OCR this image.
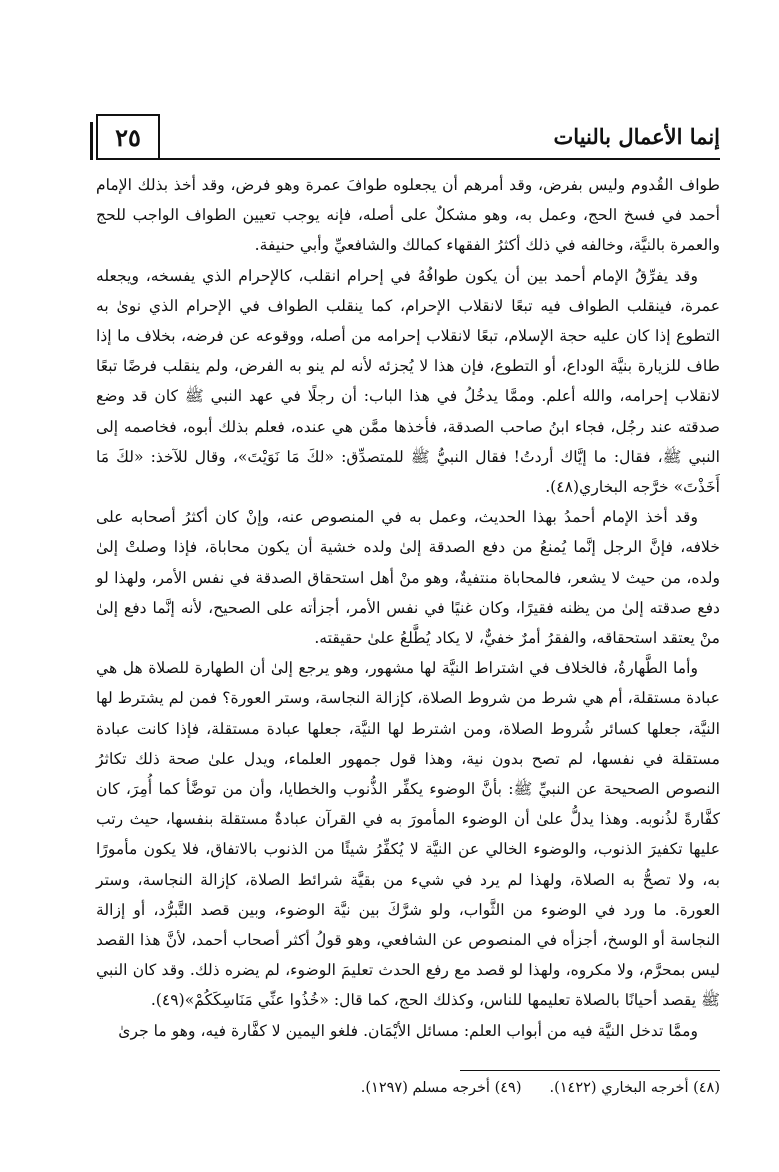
إنما الأعمال بالنيات
٢٥

طواف القُدوم وليس بفرض، وقد أمرهم أن يجعلوه طوافَ عمرة وهو فرض، وقد أخذ بذلك الإمام أحمد في فسخ الحج، وعمل به، وهو مشكلٌ على أصله، فإنه يوجب تعيين الطواف الواجب للحج والعمرة بالنيَّة، وخالفه في ذلك أكثرُ الفقهاء كمالك والشافعيِّ وأبي حنيفة.

وقد يفرِّقُ الإمام أحمد بين أن يكون طوافُهُ في إحرام انقلب، كالإحرام الذي يفسخه، ويجعله عمرة، فينقلب الطواف فيه تبعًا لانقلاب الإحرام، كما ينقلب الطواف في الإحرام الذي نوىٰ به التطوع إذا كان عليه حجة الإسلام، تبعًا لانقلاب إحرامه من أصله، ووقوعه عن فرضه، بخلاف ما إذا طاف للزيارة بنيَّة الوداع، أو التطوع، فإن هذا لا يُجزئه لأنه لم ينو به الفرض، ولم ينقلب فرضًا تبعًا لانقلاب إحرامه، والله أعلم. وممَّا يدخُلُ في هذا الباب: أن رجلًا في عهد النبي ﷺ كان قد وضع صدقته عند رجُل، فجاء ابنُ صاحب الصدقة، فأخذها ممَّن هي عنده، فعلم بذلك أبوه، فخاصمه إلى النبي ﷺ، فقال: ما إيَّاك أردتُ! فقال النبيُّ ﷺ للمتصدِّق: «لكَ مَا نَوَيْتَ»، وقال للآخذ: «لكَ مَا أَخَذْتَ» خرَّجه البخاري(٤٨).

وقد أخذ الإمام أحمدُ بهذا الحديث، وعمل به في المنصوص عنه، وإنْ كان أكثرُ أصحابه على خلافه، فإنَّ الرجل إنَّما يُمنعُ من دفع الصدقة إلىٰ ولده خشية أن يكون محاباة، فإذا وصلتْ إلىٰ ولده، من حيث لا يشعر، فالمحاباة منتفيةٌ، وهو منْ أهل استحقاق الصدقة في نفس الأمر، ولهذا لو دفع صدقته إلىٰ من يظنه فقيرًا، وكان غنيًا في نفس الأمر، أجزأته على الصحيح، لأنه إنَّما دفع إلىٰ منْ يعتقد استحقاقه، والفقرُ أمرٌ خفيٌّ، لا يكاد يُطَّلعُ علىٰ حقيقته.

وأما الطَّهارةُ، فالخلاف في اشتراط النيَّة لها مشهور، وهو يرجع إلىٰ أن الطهارة للصلاة هل هي عبادة مستقلة، أم هي شرط من شروط الصلاة، كإزالة النجاسة، وستر العورة؟ فمن لم يشترط لها النيَّة، جعلها كسائر شُروط الصلاة، ومن اشترط لها النيَّة، جعلها عبادة مستقلة، فإذا كانت عبادة مستقلة في نفسها، لم تصح بدون نية، وهذا قول جمهور العلماء، ويدل علىٰ صحة ذلك تكاثرُ النصوص الصحيحة عن النبيِّ ﷺ: بأنَّ الوضوء يكفِّر الذُّنوب والخطايا، وأن من توضَّأ كما أُمِرَ، كان كفَّارةً لذُنوبه. وهذا يدلُّ علىٰ أن الوضوء المأمورَ به في القرآن عبادةٌ مستقلة بنفسها، حيث رتب عليها تكفيرَ الذنوب، والوضوء الخالي عن النيَّة لا يُكفِّرُ شيئًا من الذنوب بالاتفاق، فلا يكون مأمورًا به، ولا تصحُّ به الصلاة، ولهذا لم يرد في شيء من بقيَّة شرائط الصلاة، كإزالة النجاسة، وستر العورة. ما ورد في الوضوء من الثَّواب، ولو شرَّكَ بين نيَّة الوضوء، وبين قصد التَّبرُّد، أو إزالة النجاسة أو الوسخ، أجزأه في المنصوص عن الشافعي، وهو قولُ أكثر أصحاب أحمد، لأنَّ هذا القصد ليس بمحرَّم، ولا مكروه، ولهذا لو قصد مع رفع الحدث تعليمَ الوضوء، لم يضره ذلك. وقد كان النبي ﷺ يقصد أحيانًا بالصلاة تعليمها للناس، وكذلك الحج، كما قال: «خُذُوا عنِّي مَنَاسِكَكُمْ»(٤٩).

وممَّا تدخل النيَّة فيه من أبواب العلم: مسائل الأيْمَان. فلغو اليمين لا كفَّارة فيه، وهو ما جرىٰ

(٤٨) أخرجه البخاري (١٤٢٢).
(٤٩) أخرجه مسلم (١٢٩٧).
